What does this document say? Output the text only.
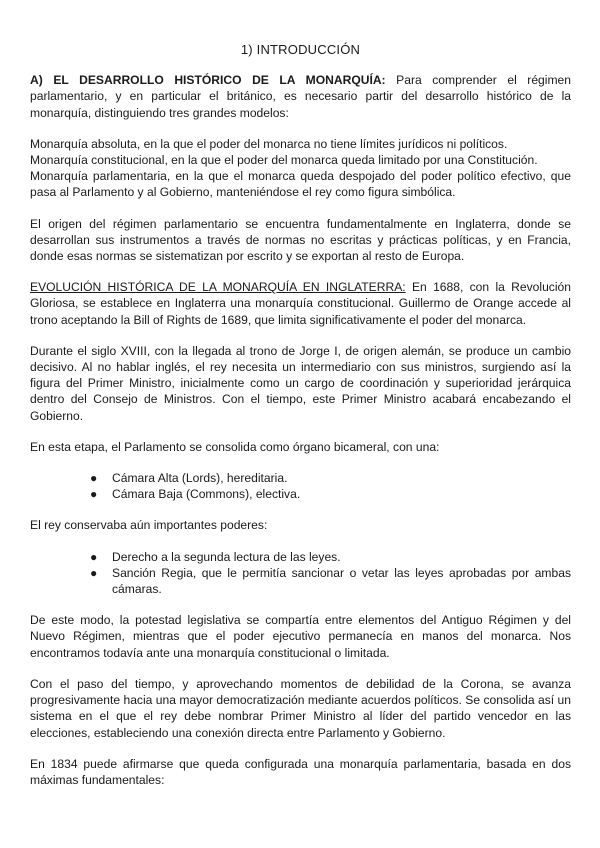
1) INTRODUCCIÓN

A) EL DESARROLLO HISTÓRICO DE LA MONARQUÍA: Para comprender el régimen parlamentario, y en particular el británico, es necesario partir del desarrollo histórico de la monarquía, distinguiendo tres grandes modelos:

Monarquía absoluta, en la que el poder del monarca no tiene límites jurídicos ni políticos.
Monarquía constitucional, en la que el poder del monarca queda limitado por una Constitución.
Monarquía parlamentaria, en la que el monarca queda despojado del poder político efectivo, que pasa al Parlamento y al Gobierno, manteniéndose el rey como figura simbólica.

El origen del régimen parlamentario se encuentra fundamentalmente en Inglaterra, donde se desarrollan sus instrumentos a través de normas no escritas y prácticas políticas, y en Francia, donde esas normas se sistematizan por escrito y se exportan al resto de Europa.

EVOLUCIÓN HISTÓRICA DE LA MONARQUÍA EN INGLATERRA: En 1688, con la Revolución Gloriosa, se establece en Inglaterra una monarquía constitucional. Guillermo de Orange accede al trono aceptando la Bill of Rights de 1689, que limita significativamente el poder del monarca.

Durante el siglo XVIII, con la llegada al trono de Jorge I, de origen alemán, se produce un cambio decisivo. Al no hablar inglés, el rey necesita un intermediario con sus ministros, surgiendo así la figura del Primer Ministro, inicialmente como un cargo de coordinación y superioridad jerárquica dentro del Consejo de Ministros. Con el tiempo, este Primer Ministro acabará encabezando el Gobierno.

En esta etapa, el Parlamento se consolida como órgano bicameral, con una:

● Cámara Alta (Lords), hereditaria.
● Cámara Baja (Commons), electiva.

El rey conservaba aún importantes poderes:

● Derecho a la segunda lectura de las leyes.
● Sanción Regia, que le permitía sancionar o vetar las leyes aprobadas por ambas cámaras.

De este modo, la potestad legislativa se compartía entre elementos del Antiguo Régimen y del Nuevo Régimen, mientras que el poder ejecutivo permanecía en manos del monarca. Nos encontramos todavía ante una monarquía constitucional o limitada.

Con el paso del tiempo, y aprovechando momentos de debilidad de la Corona, se avanza progresivamente hacia una mayor democratización mediante acuerdos políticos. Se consolida así un sistema en el que el rey debe nombrar Primer Ministro al líder del partido vencedor en las elecciones, estableciendo una conexión directa entre Parlamento y Gobierno.

En 1834 puede afirmarse que queda configurada una monarquía parlamentaria, basada en dos máximas fundamentales:
